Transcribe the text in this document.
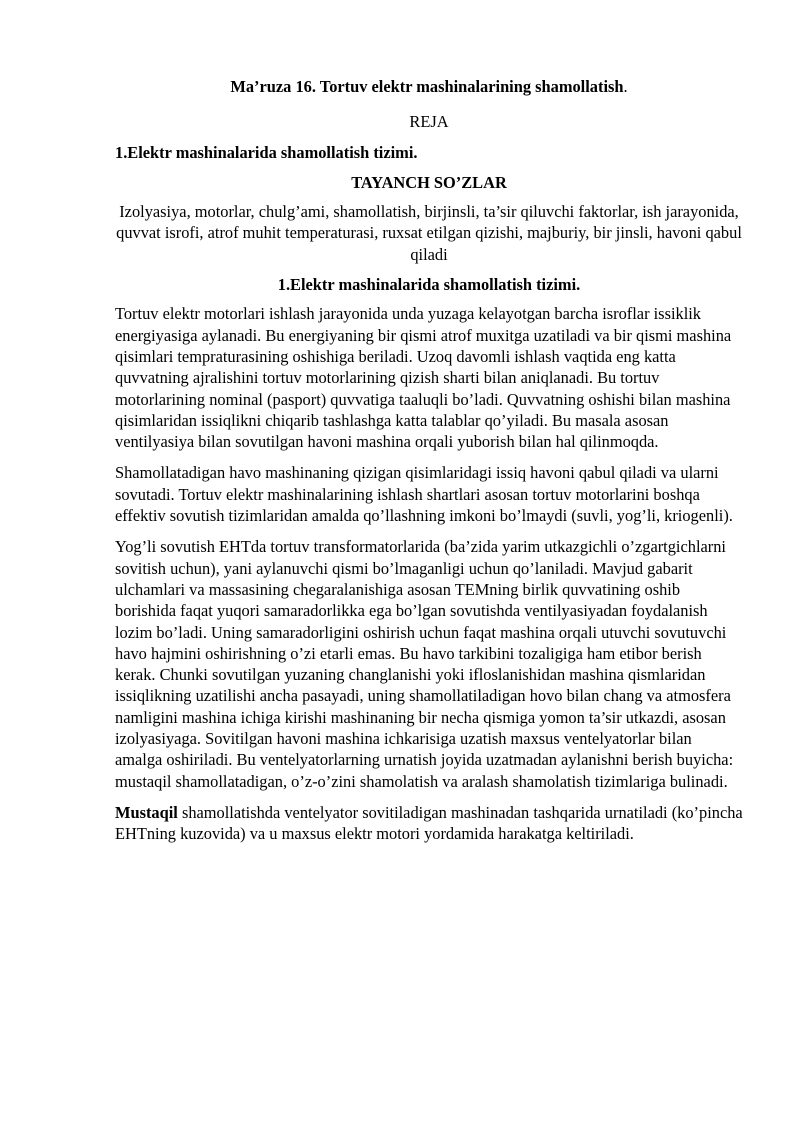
Ma’ruza 16. Tortuv elektr mashinalarining shamollatish.

REJA

1.Elektr mashinalarida shamollatish tizimi.

TAYANCH SO’ZLAR

Izolyasiya, motorlar, chulg’ami, shamollatish, birjinsli, ta’sir qiluvchi faktorlar, ish jarayonida, quvvat isrofi, atrof muhit temperaturasi, ruxsat etilgan qizishi, majburiy, bir jinsli, havoni qabul qiladi

1.Elektr mashinalarida shamollatish tizimi.

Tortuv elektr motorlari ishlash jarayonida unda yuzaga kelayotgan barcha isroflar issiklik energiyasiga aylanadi. Bu energiyaning bir qismi atrof muxitga uzatiladi va bir qismi mashina qisimlari tempraturasining oshishiga beriladi. Uzoq davomli ishlash vaqtida eng katta quvvatning ajralishini tortuv motorlarining qizish sharti bilan aniqlanadi. Bu tortuv motorlarining nominal (pasport) quvvatiga taaluqli bo’ladi. Quvvatning oshishi bilan mashina qisimlaridan issiqlikni chiqarib tashlashga katta talablar qo’yiladi. Bu masala asosan ventilyasiya bilan sovutilgan havoni mashina orqali yuborish bilan hal qilinmoqda.

Shamollatadigan havo mashinaning qizigan qisimlaridagi issiq havoni qabul qiladi va ularni sovutadi. Tortuv elektr mashinalarining ishlash shartlari asosan tortuv motorlarini boshqa effektiv sovutish tizimlaridan amalda qo’llashning imkoni bo’lmaydi (suvli, yog’li, kriogenli).

Yog’li sovutish EHTda tortuv transformatorlarida (ba’zida yarim utkazgichli o’zgartgichlarni sovitish uchun), yani aylanuvchi qismi bo’lmaganligi uchun qo’laniladi. Mavjud gabarit ulchamlari va massasining chegaralanishiga asosan TEMning birlik quvvatining oshib borishida faqat yuqori samaradorlikka ega bo’lgan sovutishda ventilyasiyadan foydalanish lozim bo’ladi. Uning samaradorligini oshirish uchun faqat mashina orqali utuvchi sovutuvchi havo hajmini oshirishning o’zi etarli emas. Bu havo tarkibini tozaligiga ham etibor berish kerak. Chunki sovutilgan yuzaning changlanishi yoki ifloslanishidan mashina qismlaridan issiqlikning uzatilishi ancha pasayadi, uning shamollatiladigan hovo bilan chang va atmosfera namligini mashina ichiga kirishi mashinaning bir necha qismiga yomon ta’sir utkazdi, asosan izolyasiyaga. Sovitilgan havoni mashina ichkarisiga uzatish maxsus ventelyatorlar bilan amalga oshiriladi. Bu ventelyatorlarning urnatish joyida uzatmadan aylanishni berish buyicha: mustaqil shamollatadigan, o’z-o’zini shamolatish va aralash shamolatish tizimlariga bulinadi.

Mustaqil shamollatishda ventelyator sovitiladigan mashinadan tashqarida urnatiladi (ko’pincha EHTning kuzovida) va u maxsus elektr motori yordamida harakatga keltiriladi.
